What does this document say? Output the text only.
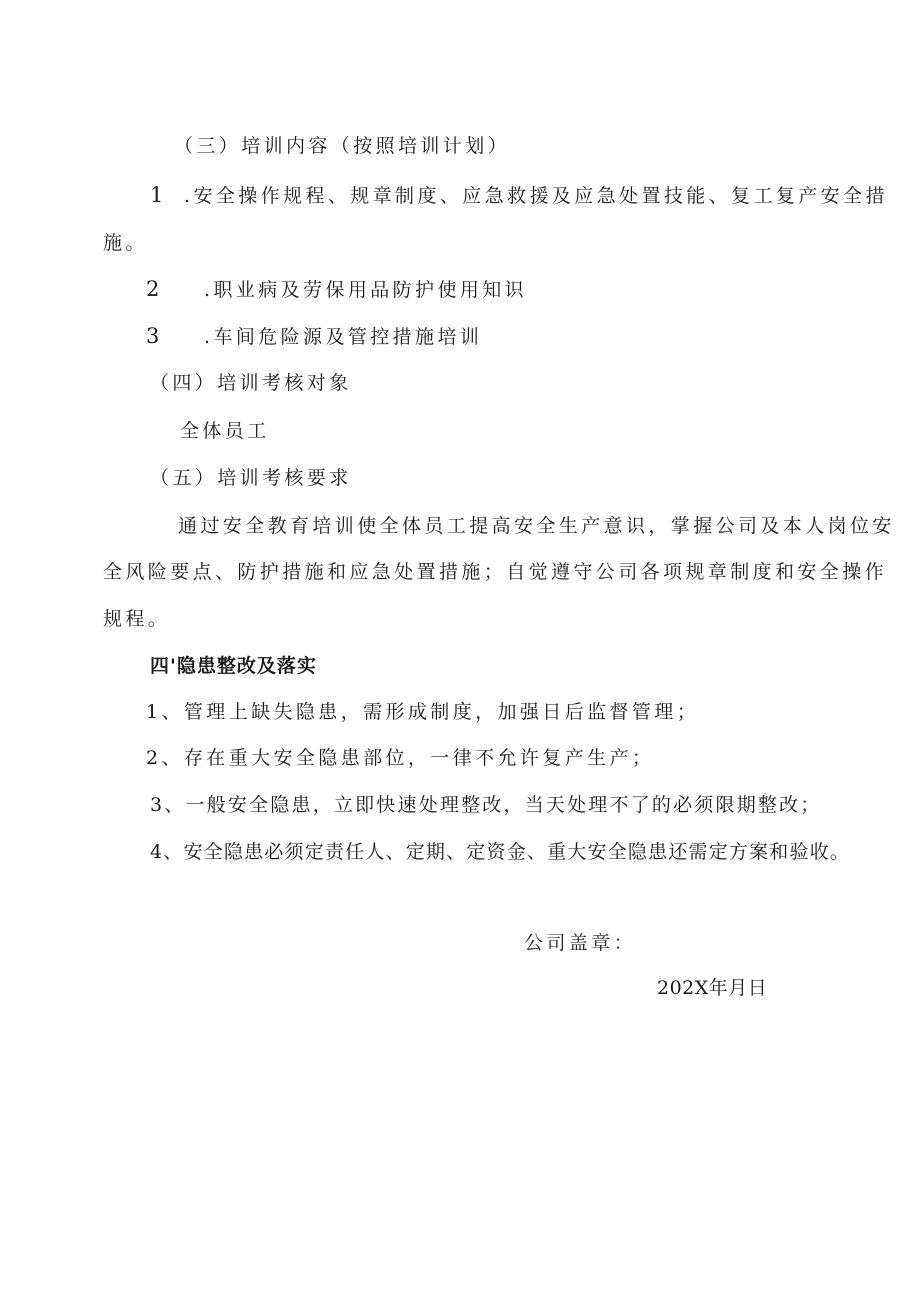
（三）培训内容（按照培训计划）
1 .安全操作规程、规章制度、应急救援及应急处置技能、复工复产安全措
施。
2 .职业病及劳保用品防护使用知识
3 .车间危险源及管控措施培训
（四）培训考核对象
全体员工
（五）培训考核要求
通过安全教育培训使全体员工提高安全生产意识，掌握公司及本人岗位安
全风险要点、防护措施和应急处置措施；自觉遵守公司各项规章制度和安全操作
规程。
四'隐患整改及落实
1、管理上缺失隐患，需形成制度，加强日后监督管理；
2、存在重大安全隐患部位，一律不允许复产生产；
3、一般安全隐患，立即快速处理整改，当天处理不了的必须限期整改；
4、安全隐患必须定责任人、定期、定资金、重大安全隐患还需定方案和验收。
公司盖章：
202X年月日
